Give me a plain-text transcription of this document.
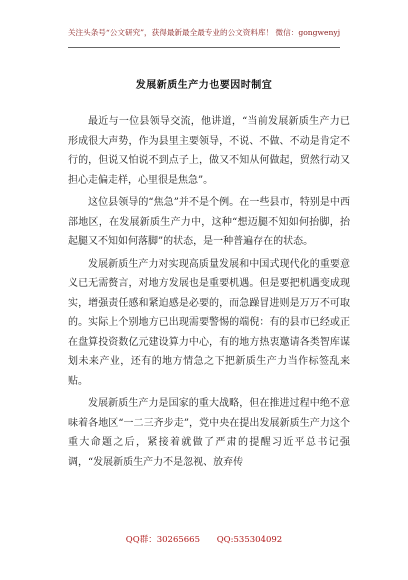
关注头条号“公文研究”，获得最新最全最专业的公文资料库！ 微信：gongwenyj
发展新质生产力也要因时制宜

最近与一位县领导交流，他讲道，“当前发展新质生产力已形成很大声势，作为县里主要领导，不说、不做、不动是肯定不行的，但说又怕说不到点子上，做又不知从何做起，贸然行动又担心走偏走样，心里很是焦急”。

这位县领导的“焦急”并不是个例。在一些县市，特别是中西部地区，在发展新质生产力中，这种“想迈腿不知如何抬脚，抬起腿又不知如何落脚”的状态，是一种普遍存在的状态。

发展新质生产力对实现高质量发展和中国式现代化的重要意义已无需赘言，对地方发展也是重要机遇。但是要把机遇变成现实，增强责任感和紧迫感是必要的，而急躁冒进则是万万不可取的。实际上个别地方已出现需要警惕的端倪：有的县市已经或正在盘算投资数亿元建设算力中心，有的地方热衷邀请各类智库谋划未来产业，还有的地方情急之下把新质生产力当作标签乱来贴。

发展新质生产力是国家的重大战略，但在推进过程中绝不意味着各地区“一二三齐步走”，党中央在提出发展新质生产力这个重大命题之后，紧接着就做了严肃的提醒习近平总书记强调，“发展新质生产力不是忽视、放弃传

QQ群：30265665 QQ:535304092
